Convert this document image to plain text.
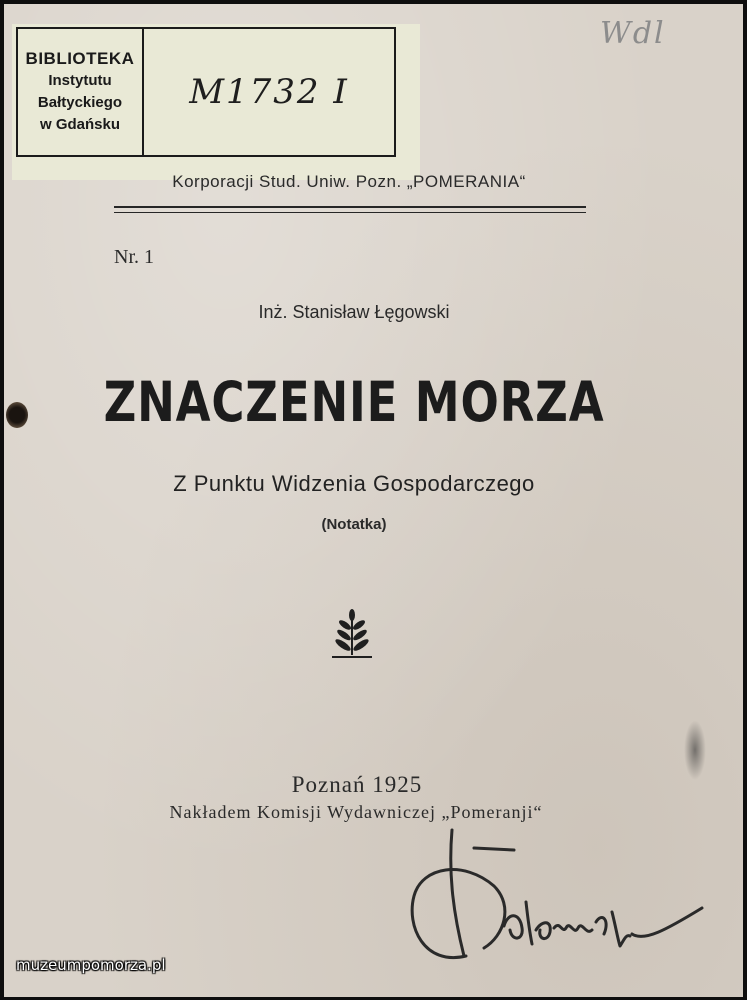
BIBLIOTEKA
Instytutu
Bałtyckiego
w Gdańsku
M1732 I
Wdl
Korporacji Stud. Uniw. Pozn. „POMERANIA“
Nr. 1
Inż. Stanisław Łęgowski
ZNACZENIE MORZA
Z Punktu Widzenia Gospodarczego
(Notatka)
Poznań 1925
Nakładem Komisji Wydawniczej „Pomeranji“
muzeumpomorza.pl
